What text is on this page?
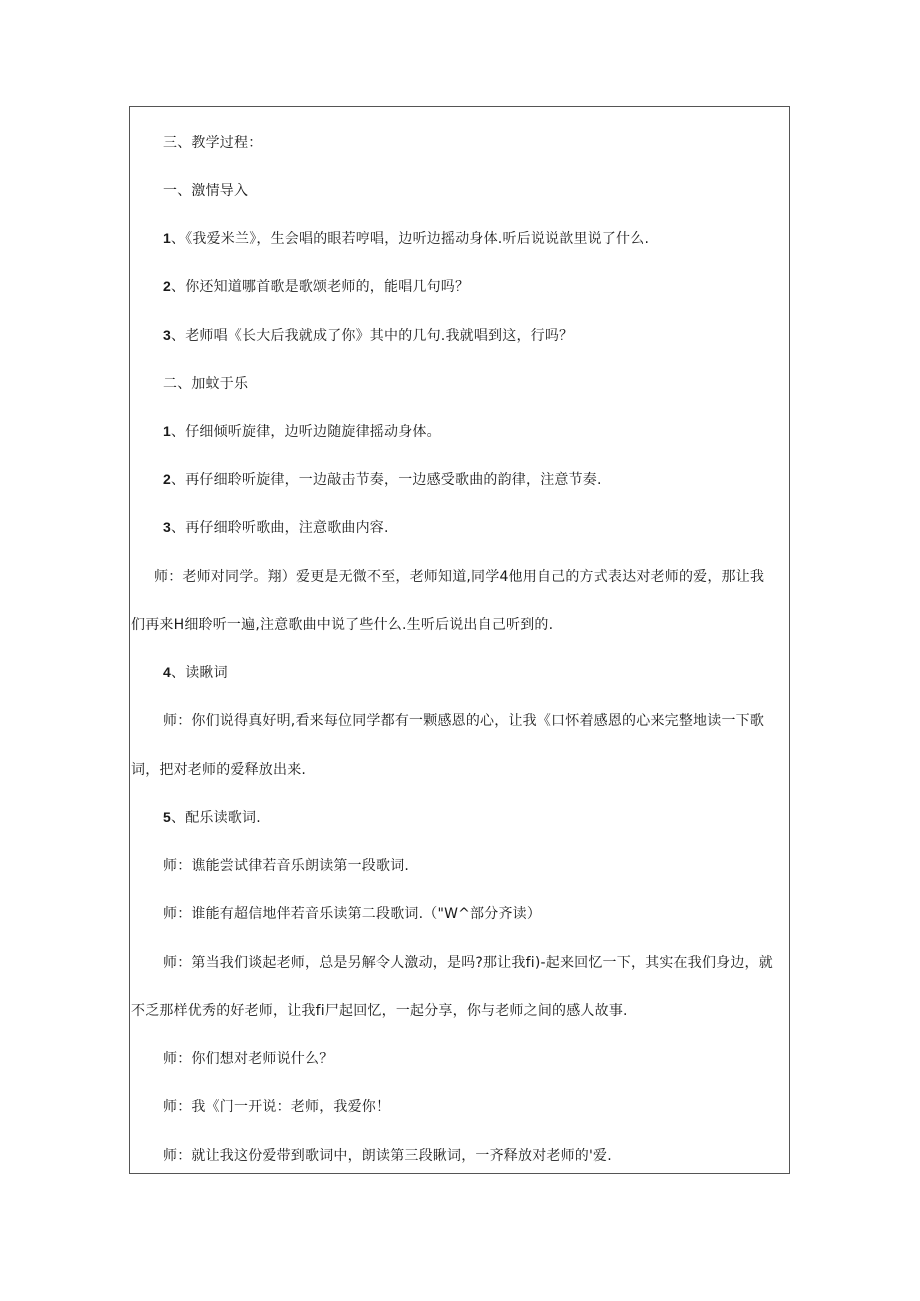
三、教学过程：
一、激情导入
1、《我爱米兰》，生会唱的眼若哼唱，边听边摇动身体.听后说说歆里说了什么.
2、你还知道哪首歌是歌颂老师的，能唱几句吗？
3、老师唱《长大后我就成了你》其中的几句.我就唱到这，行吗？
二、加蚊于乐
1、仔细倾听旋律，边听边随旋律摇动身体。
2、再仔细聆听旋律，一边敲击节奏，一边感受歌曲的韵律，注意节奏.
3、再仔细聆听歌曲，注意歌曲内容.
师：老师对同学。翔）爱更是无微不至，老师知道,同学4他用自己的方式表达对老师的爱，那让我
们再来H细聆听一遍,注意歌曲中说了些什么.生听后说出自己听到的.
4、读瞅词
师：你们说得真好明,看来每位同学都有一颗感恩的心，让我《口怀着感恩的心来完整地读一下歌
词，把对老师的爱释放出来.
5、配乐读歌词.
师：谯能尝试律若音乐朗读第一段歌词.
师：谁能有超信地伴若音乐读第二段歌词.（"W^部分齐读）
师：第当我们谈起老师，总是另解令人激动，是吗?那让我fi)-起来回忆一下，其实在我们身边，就
不乏那样优秀的好老师，让我fi尸起回忆，一起分享，你与老师之间的感人故事.
师：你们想对老师说什么？
师：我《门一开说：老师，我爱你！
师：就让我这份爱带到歌词中，朗读第三段瞅词，一齐释放对老师的'爱.
